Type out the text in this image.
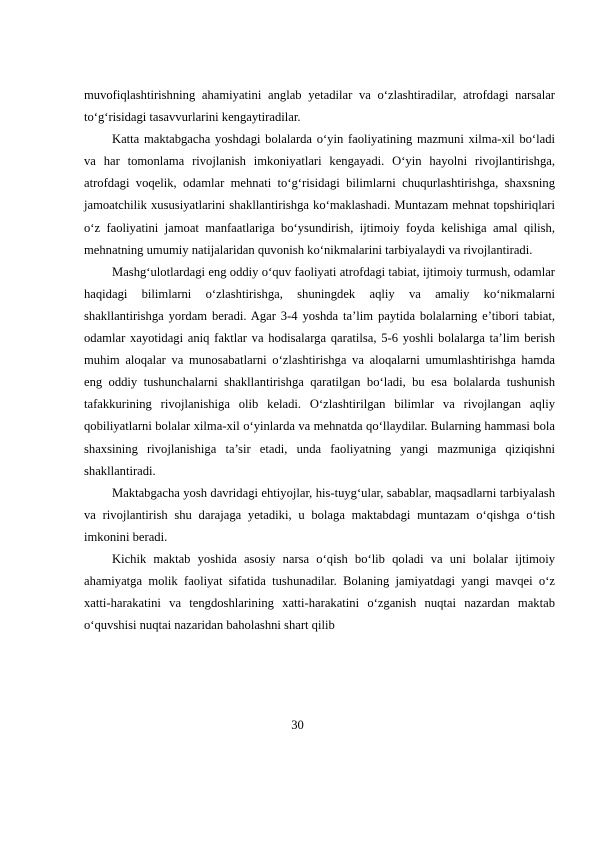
muvofiqlashtirishning ahamiyatini anglab yetadilar va oʻzlashtiradilar, atrofdagi narsalar toʻgʻrisidagi tasavvurlarini kengaytiradilar.

Katta maktabgacha yoshdagi bolalarda oʻyin faoliyatining mazmuni xilma-xil boʻladi va har tomonlama rivojlanish imkoniyatlari kengayadi. Oʻyin hayolni rivojlantirishga, atrofdagi voqelik, odamlar mehnati toʻgʻrisidagi bilimlarni chuqurlashtirishga, shaxsning jamoatchilik xususiyatlarini shakllantirishga koʻmaklashadi. Muntazam mehnat topshiriqlari oʻz faoliyatini jamoat manfaatlariga boʻysundirish, ijtimoiy foyda kelishiga amal qilish, mehnatning umumiy natijalaridan quvonish koʻnikmalarini tarbiyalaydi va rivojlantiradi.

Mashgʻulotlardagi eng oddiy oʻquv faoliyati atrofdagi tabiat, ijtimoiy turmush, odamlar haqidagi bilimlarni oʻzlashtirishga, shuningdek aqliy va amaliy koʻnikmalarni shakllantirishga yordam beradi. Agar 3-4 yoshda ta’lim paytida bolalarning e’tibori tabiat, odamlar xayotidagi aniq faktlar va hodisalarga qaratilsa, 5-6 yoshli bolalarga ta’lim berish muhim aloqalar va munosabatlarni oʻzlashtirishga va aloqalarni umumlashtirishga hamda eng oddiy tushunchalarni shakllantirishga qaratilgan boʻladi, bu esa bolalarda tushunish tafakkurining rivojlanishiga olib keladi. Oʻzlashtirilgan bilimlar va rivojlangan aqliy qobiliyatlarni bolalar xilma-xil oʻyinlarda va mehnatda qoʻllaydilar. Bularning hammasi bola shaxsining rivojlanishiga ta’sir etadi, unda faoliyatning yangi mazmuniga qiziqishni shakllantiradi.

Maktabgacha yosh davridagi ehtiyojlar, his-tuygʻular, sabablar, maqsadlarni tarbiyalash va rivojlantirish shu darajaga yetadiki, u bolaga maktabdagi muntazam oʻqishga oʻtish imkonini beradi.

Kichik maktab yoshida asosiy narsa oʻqish boʻlib qoladi va uni bolalar ijtimoiy ahamiyatga molik faoliyat sifatida tushunadilar. Bolaning jamiyatdagi yangi mavqei oʻz xatti-harakatini va tengdoshlarining xatti-harakatini oʻzganish nuqtai nazardan maktab oʻquvshisi nuqtai nazaridan baholashni shart qilib

30
